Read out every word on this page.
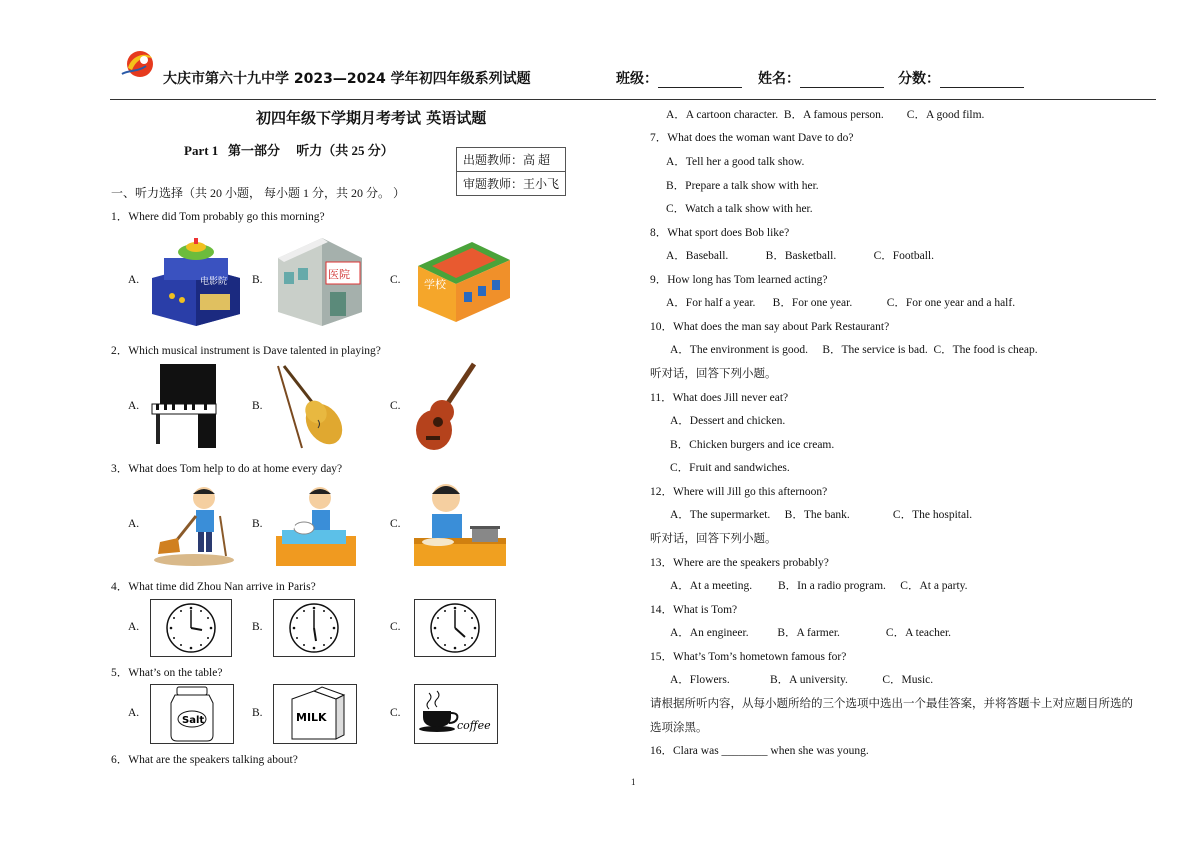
大庆市第六十九中学 2023—2024 学年初四年级系列试题	班级：	姓名：	分数：
初四年级下学期月考考试 英语试题
Part 1   第一部分     听力（共 25 分）
出题教师：高 超
审题教师：王小飞
一、听力选择（共 20 小题， 每小题 1 分，共 20 分。 ）
1．Where did Tom probably go this morning?
A.	B.	C.
电影院
医院
学校
2．Which musical instrument is Dave talented in playing?
A.	B.	C.
3．What does Tom help to do at home every day?
A.	B.	C.
4．What time did Zhou Nan arrive in Paris?
A.	B.	C.
5．What’s on the table?
A.	B.	C.
Salt	MILK
coffee
6．What are the speakers talking about?
A．A cartoon character.  B．A famous person.        C．A good film.
7．What does the woman want Dave to do?
A．Tell her a good talk show.
B．Prepare a talk show with her.
C．Watch a talk show with her.
8．What sport does Bob like?
A．Baseball.             B．Basketball.             C．Football.
9．How long has Tom learned acting?
A．For half a year.      B．For one year.            C．For one year and a half.
10．What does the man say about Park Restaurant?
A．The environment is good.     B．The service is bad.  C．The food is cheap.
听对话，回答下列小题。
11．What does Jill never eat?
A．Dessert and chicken.
B．Chicken burgers and ice cream.
C．Fruit and sandwiches.
12．Where will Jill go this afternoon?
A．The supermarket.     B．The bank.               C．The hospital.
听对话，回答下列小题。
13．Where are the speakers probably?
A．At a meeting.         B．In a radio program.     C．At a party.
14．What is Tom?
A．An engineer.          B．A farmer.                C．A teacher.
15．What’s Tom’s hometown famous for?
A．Flowers.              B．A university.            C．Music.
请根据所听内容，从每小题所给的三个选项中选出一个最佳答案，并将答题卡上对应题目所选的
选项涂黑。
16．Clara was ________ when she was young.
1
